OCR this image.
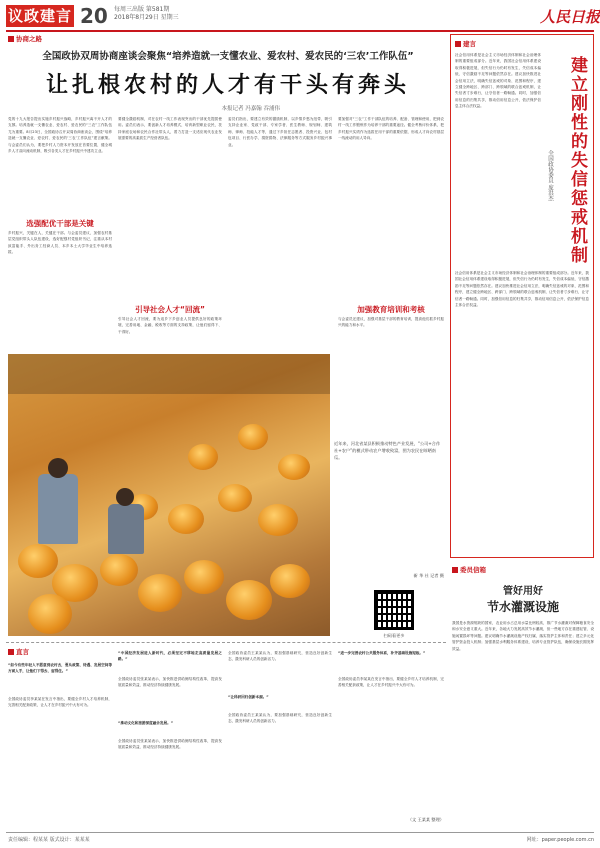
议政建言 20 每周三出版 第581期
2018年8月29日 星期三	人民日报
协商之路
全国政协双周协商座谈会聚焦“培养造就一支懂农业、爱农村、爱农民的‘三农’工作队伍”
让扎根农村的人才有干头有奔头
本报记者 冯嘉翰 吞浦伟
党的十九大报告提出实施乡村振兴战略，乡村振兴离不开人才的支撑。培养造就一支懂农业、爱农村、爱农民的“三农”工作队伍尤为重要。8月23日，全国政协召开双周协商座谈会，围绕“培养造就一支懂农业、爱农村、爱农民的‘三农’工作队伍”建言献策。与会委员们认为，要把乡村人力资本开发放在首要位置，健全城乡人才双向流动机制，吸引各类人才在乡村振兴中建功立业。
选强配优干部是关键
乡村振兴，关键在人，关键在干部。与会委员建议，加强农村基层党组织带头人队伍建设，选好配强村党组织书记，注重从本村致富能手、外出务工经商人员、本乡本土大学毕业生中培养选拔。
要健全激励机制，对在农村一线工作表现突出的干部优先提拔使用。委员们表示，要创新人才培养模式，培育新型职业农民，扶持家庭农场和农民合作社带头人，着力打造一支适应现代农业发展需要的高素质生产经营者队伍。
引导社会人才“回流”
引导社会人才回流，要为返乡下乡创业人员提供良好的政策环境，完善用地、金融、税收等方面的支持政策，让他们留得下、干得好。
委员们指出，要建立有效的激励机制，以乡情乡愁为纽带，吸引支持企业家、党政干部、专家学者、医生教师、规划师、建筑师、律师、技能人才等，通过下乡担任志愿者、投资兴业、包村包项目、行医办学、捐资捐物、法律服务等方式服务乡村振兴事业。
要加强对“三农”工作干部队伍的培养、配备、管理和使用，把到农村一线工作锻炼作为培养干部的重要途径。健全考核评价体系，把乡村振兴实绩作为选拔任用干部的重要依据，形成人才向农村基层一线流动的用人导向。
加强教育培训和考核
与会委员还建议，加强对基层干部的教育培训，提高他们抓乡村振兴的能力和水平。
近年来，河北省某县积极推动特色产业发展，“公司+合作社+农户”的模式带动农户增收致富，图为农民在晾晒南瓜。
新 华 社 记者 摄
扫码看更多
建言
建立刚性的失信惩戒机制
全国政协委员 庞洪杰
社会信用体系是社会主义市场经济体制和社会治理体制的重要组成部分。近年来，我国社会信用体系建设取得积极进展，但失信行为仍时有发生，失信成本偏低、守信激励不足等问题依然存在。建议加快推进社会信用立法，明确失信惩戒的对象、范围和程序，建立健全跨地区、跨部门、跨领域的联合惩戒机制，让失信者寸步难行，让守信者一路畅通。同时，加强信用信息的归集共享，推动信用信息公开，依法保护信息主体合法权益。
社会信用体系是社会主义市场经济体制和社会治理体制的重要组成部分。近年来，我国社会信用体系建设取得积极进展，但失信行为仍时有发生，失信成本偏低、守信激励不足等问题依然存在。建议加快推进社会信用立法，明确失信惩戒的对象、范围和程序，建立健全跨地区、跨部门、跨领域的联合惩戒机制，让失信者寸步难行，让守信者一路畅通。同时，加强信用信息的归集共享，推动信用信息公开，依法保护信息主体合法权益。
委员信箱
管好用好
节水灌溉设施
我国是水资源短缺的国家，农业用水占总用水量比例较高，推广节水灌溉对保障粮食安全和水安全意义重大。近年来，各地大力发展高效节水灌溉，但一些地方存在重建轻管、设施闲置损坏等问题。建议明确节水灌溉设施产权归属，落实管护主体和责任；建立多元化管护资金投入机制；加强基层水利服务体系建设，培养专业管护队伍，确保设施长期发挥效益。
直言
“如今有些年轻人不愿意到农村去，要从政策、待遇、发展空间等方面入手，让他们下得去、留得住。”
全国政协委员李某某在发言中指出，要健全乡村人才培养机制，完善相关配套政策，让人才在乡村振兴中大有可为。
“中国经济发展进入新时代，必须坚定不移地走高质量发展之路。”
全国政协委员张某某表示，加快推进供给侧结构性改革，提高发展质量和效益，推动经济持续健康发展。
“推动文化和旅游深度融合发展。”
全国政协委员张某某表示，加快推进供给侧结构性改革，提高发展质量和效益，推动经济持续健康发展。
全国政协委员王某某认为，要加强基础研究，营造良好创新生态，激发科研人员的创新活力。
“让科研回归创新本源。”
全国政协委员王某某认为，要加强基础研究，营造良好创新生态，激发科研人员的创新活力。
“进一步完善农村公共服务体系，补齐基础设施短板。”
全国政协委员李某某在发言中指出，要健全乡村人才培养机制，完善相关配套政策，让人才在乡村振兴中大有可为。
（文 王某某 整理）
责任编辑：程某某 版式设计：某某某	网址：paper.people.com.cn
